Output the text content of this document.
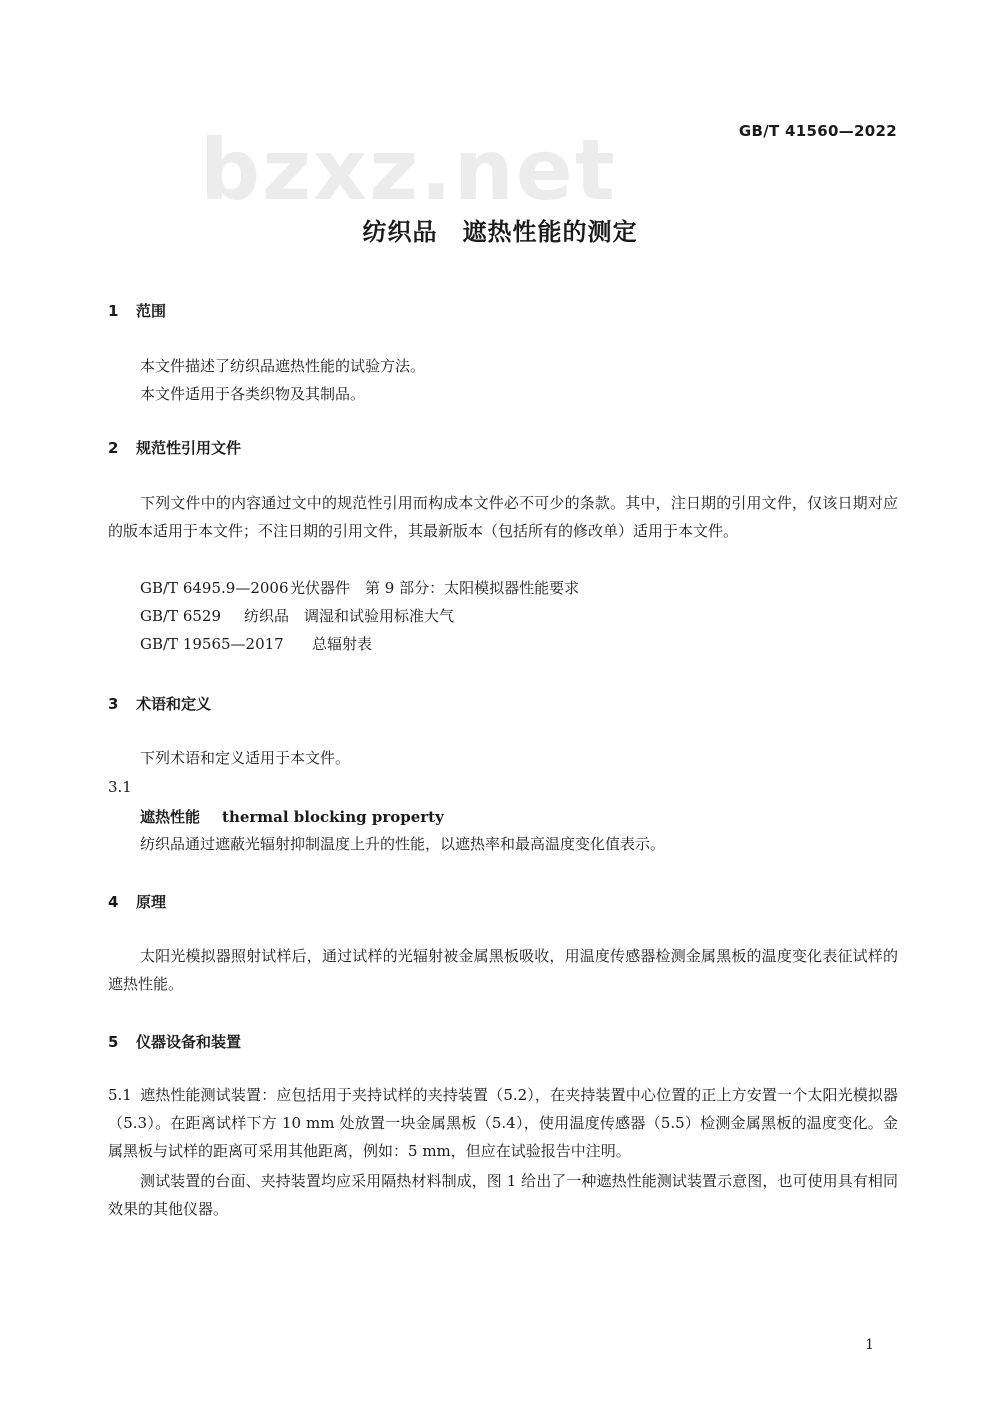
bzxz.net	GB/T 41560—2022
纺织品　遮热性能的测定
1 范围
本文件描述了纺织品遮热性能的试验方法。
本文件适用于各类织物及其制品。
2 规范性引用文件
下列文件中的内容通过文中的规范性引用而构成本文件必不可少的条款。其中，注日期的引用文件，仅该日期对应的版本适用于本文件；不注日期的引用文件，其最新版本（包括所有的修改单）适用于本文件。
GB/T 6495.9—2006 光伏器件　第 9 部分：太阳模拟器性能要求
GB/T 6529 纺织品　调湿和试验用标准大气
GB/T 19565—2017 总辐射表
3 术语和定义
下列术语和定义适用于本文件。
3.1
遮热性能 thermal blocking property
纺织品通过遮蔽光辐射抑制温度上升的性能，以遮热率和最高温度变化值表示。
4 原理
太阳光模拟器照射试样后，通过试样的光辐射被金属黑板吸收，用温度传感器检测金属黑板的温度变化表征试样的遮热性能。
5 仪器设备和装置
5.1 遮热性能测试装置：应包括用于夹持试样的夹持装置（5.2），在夹持装置中心位置的正上方安置一个太阳光模拟器（5.3）。在距离试样下方 10 mm 处放置一块金属黑板（5.4），使用温度传感器（5.5）检测金属黑板的温度变化。金属黑板与试样的距离可采用其他距离，例如：5 mm，但应在试验报告中注明。
测试装置的台面、夹持装置均应采用隔热材料制成，图 1 给出了一种遮热性能测试装置示意图，也可使用具有相同效果的其他仪器。
1
